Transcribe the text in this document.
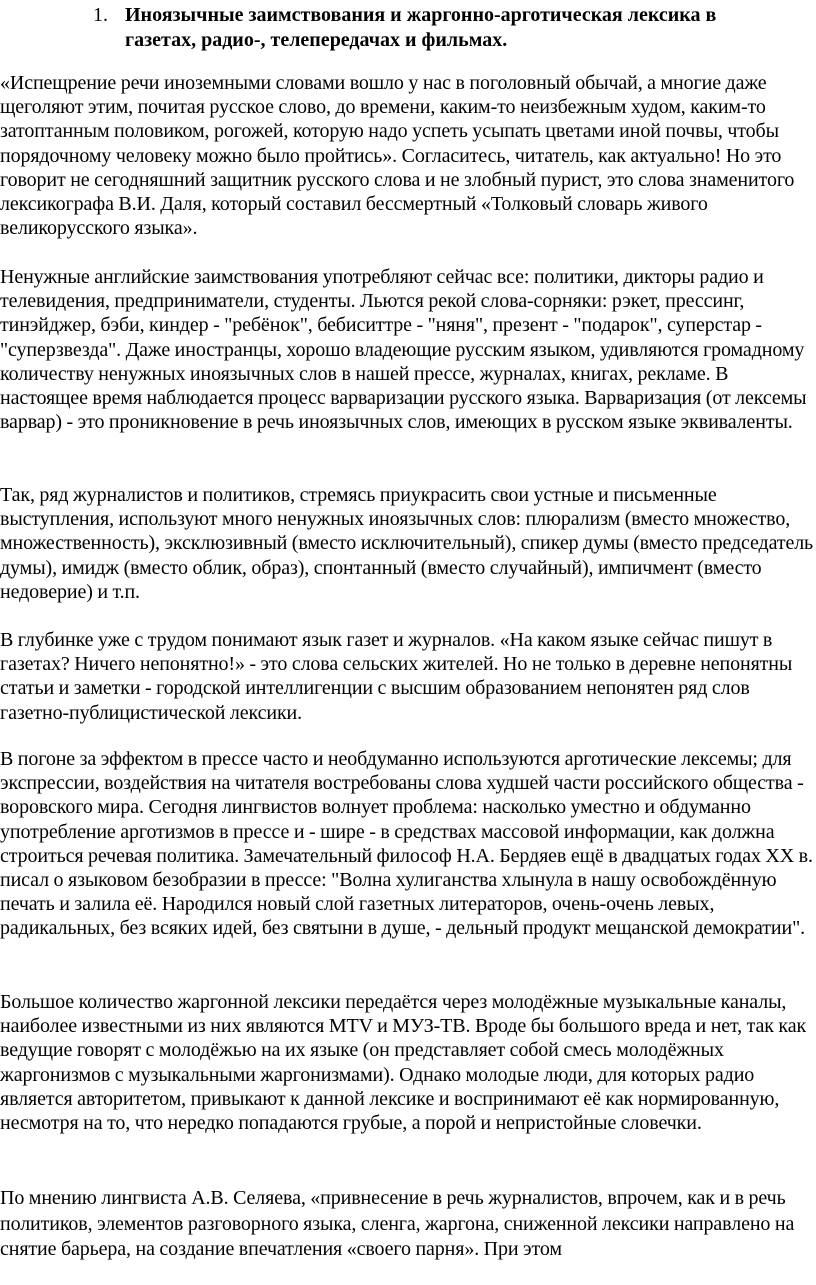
1. Иноязычные заимствования и жаргонно-арготическая лексика в газетах, радио-, телепередачах и фильмах.

«Испещрение речи иноземными словами вошло у нас в поголовный обычай, а многие даже щеголяют этим, почитая русское слово, до времени, каким-то неизбежным худом, каким-то затоптанным половиком, рогожей, которую надо успеть усыпать цветами иной почвы, чтобы порядочному человеку можно было пройтись». Согласитесь, читатель, как актуально! Но это говорит не сегодняшний защитник русского слова и не злобный пурист, это слова знаменитого лексикографа В.И. Даля, который составил бессмертный «Толковый словарь живого великорусского языка».

Ненужные английские заимствования употребляют сейчас все: политики, дикторы радио и телевидения, предприниматели, студенты. Льются рекой слова-сорняки: рэкет, прессинг, тинэйджер, бэби, киндер - "ребёнок", бебиситтре - "няня", презент - "подарок", суперстар - "суперзвезда". Даже иностранцы, хорошо владеющие русским языком, удивляются громадному количеству ненужных иноязычных слов в нашей прессе, журналах, книгах, рекламе. В настоящее время наблюдается процесс варваризации русского языка. Варваризация (от лексемы варвар) - это проникновение в речь иноязычных слов, имеющих в русском языке эквиваленты.

Так, ряд журналистов и политиков, стремясь приукрасить свои устные и письменные выступления, используют много ненужных иноязычных слов: плюрализм (вместо множество, множественность), эксклюзивный (вместо исключительный), спикер думы (вместо председатель думы), имидж (вместо облик, образ), спонтанный (вместо случайный), импичмент (вместо недоверие) и т.п.

В глубинке уже с трудом понимают язык газет и журналов. «На каком языке сейчас пишут в газетах? Ничего непонятно!» - это слова сельских жителей. Но не только в деревне непонятны статьи и заметки - городской интеллигенции с высшим образованием непонятен ряд слов газетно-публицистической лексики.

В погоне за эффектом в прессе часто и необдуманно используются арготические лексемы; для экспрессии, воздействия на читателя востребованы слова худшей части российского общества - воровского мира. Сегодня лингвистов волнует проблема: насколько уместно и обдуманно употребление арготизмов в прессе и - шире - в средствах массовой информации, как должна строиться речевая политика. Замечательный философ Н.А. Бердяев ещё в двадцатых годах XX в. писал о языковом безобразии в прессе: "Волна хулиганства хлынула в нашу освобождённую печать и залила её. Народился новый слой газетных литераторов, очень-очень левых, радикальных, без всяких идей, без святыни в душе, - дельный продукт мещанской демократии".

Большое количество жаргонной лексики передаётся через молодёжные музыкальные каналы, наиболее известными из них являются MTV и МУЗ-ТВ. Вроде бы большого вреда и нет, так как ведущие говорят с молодёжью на их языке (он представляет собой смесь молодёжных жаргонизмов с музыкальными жаргонизмами). Однако молодые люди, для которых радио является авторитетом, привыкают к данной лексике и воспринимают её как нормированную, несмотря на то, что нередко попадаются грубые, а порой и непристойные словечки.

По мнению лингвиста А.В. Селяева, «привнесение в речь журналистов, впрочем, как и в речь политиков, элементов разговорного языка, сленга, жаргона, сниженной лексики направлено на снятие барьера, на создание впечатления «своего парня». При этом
